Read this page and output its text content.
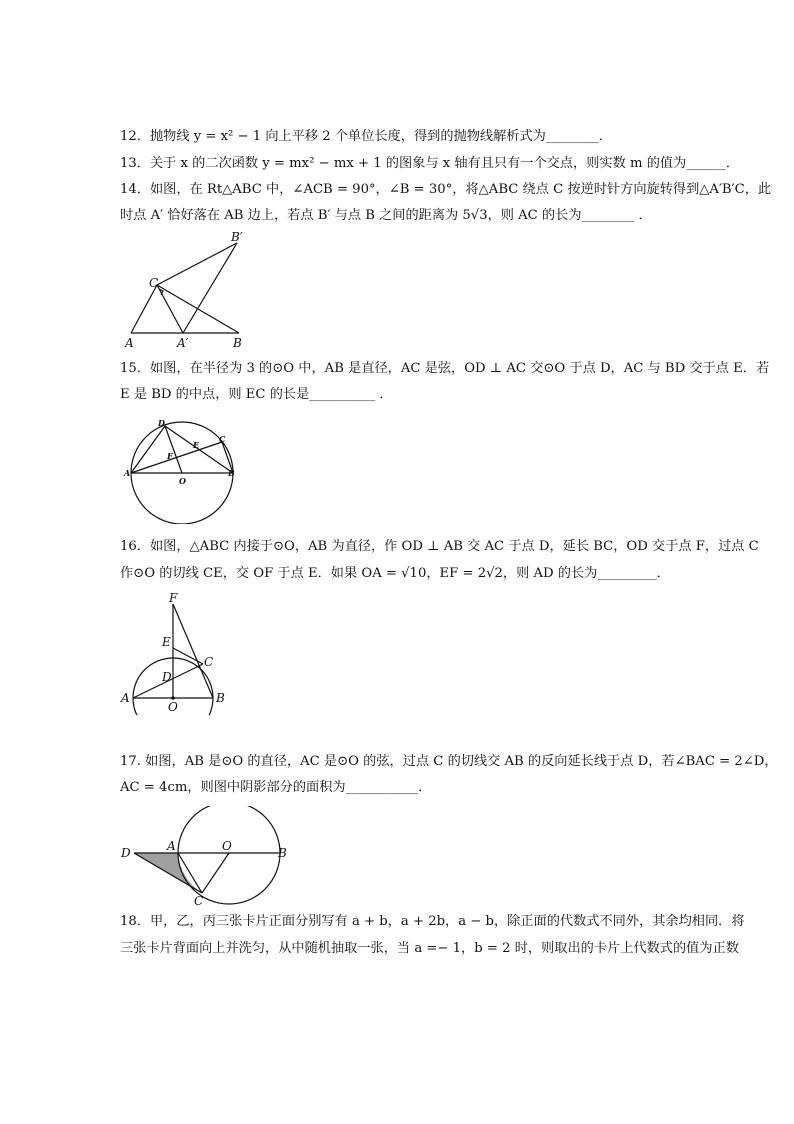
12．抛物线 y = x² − 1 向上平移 2 个单位长度，得到的抛物线解析式为________．
13．关于 x 的二次函数 y = mx² − mx + 1 的图象与 x 轴有且只有一个交点，则实数 m 的值为______．
14．如图，在 Rt△ABC 中，∠ACB = 90°，∠B = 30°，将△ABC 绕点 C 按逆时针方向旋转得到△A′B′C，此
时点 A′ 恰好落在 AB 边上，若点 B′ 与点 B 之间的距离为 5√3，则 AC 的长为________ ．
A	A′	B
C
B′
15．如图，在半径为 3 的⊙O 中，AB 是直径，AC 是弦，OD ⊥ AC 交⊙O 于点 D，AC 与 BD 交于点 E．若
E 是 BD 的中点，则 EC 的长是__________ ．
A	B
C
D
E
F
O
16．如图，△ABC 内接于⊙O，AB 为直径，作 OD ⊥ AB 交 AC 于点 D，延长 BC，OD 交于点 F，过点 C
作⊙O 的切线 CE，交 OF 于点 E．如果 OA = √10，EF = 2√2，则 AD 的长为_________．
A	B
C
D
E
F
O
17. 如图，AB 是⊙O 的直径，AC 是⊙O 的弦，过点 C 的切线交 AB 的反向延长线于点 D，若∠BAC = 2∠D，
AC = 4cm，则图中阴影部分的面积为___________．
D	A	O	B
C
18．甲，乙，丙三张卡片正面分别写有 a + b，a + 2b，a − b，除正面的代数式不同外，其余均相同．将
三张卡片背面向上并洗匀，从中随机抽取一张，当 a =− 1，b = 2 时，则取出的卡片上代数式的值为正数
